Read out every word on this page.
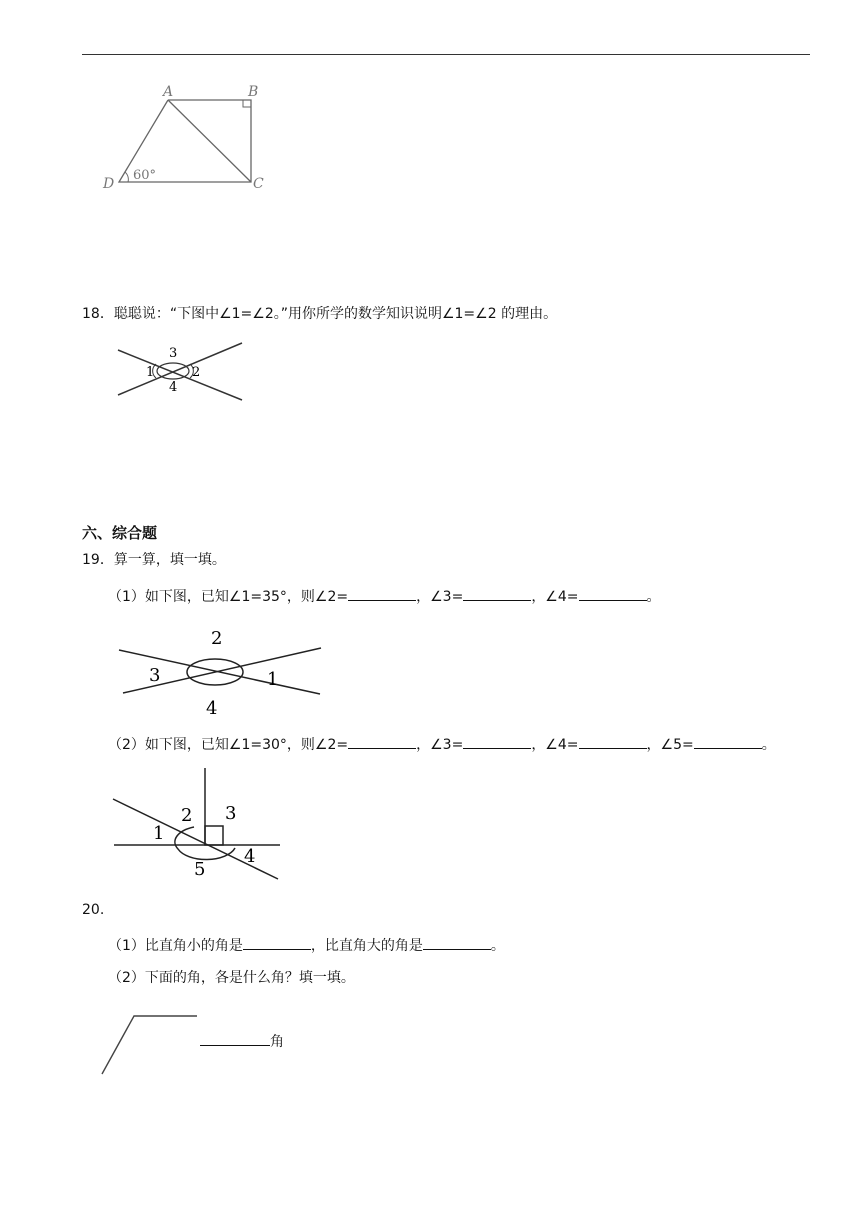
A	B
C
D
60°
18．聪聪说：“下图中∠1=∠2。”用你所学的数学知识说明∠1=∠2 的理由。
1	2
3
4
六、综合题
19．算一算，填一填。
（1）如下图，已知∠1=35°，则∠2=	，∠3=	，∠4=	。
2
3	1
4
（2）如下图，已知∠1=30°，则∠2=	，∠3=	，∠4=	，∠5=	。
2 3
1
4
5
20.
（1）比直角小的角是	，比直角大的角是	。
（2）下面的角，各是什么角？填一填。
角
